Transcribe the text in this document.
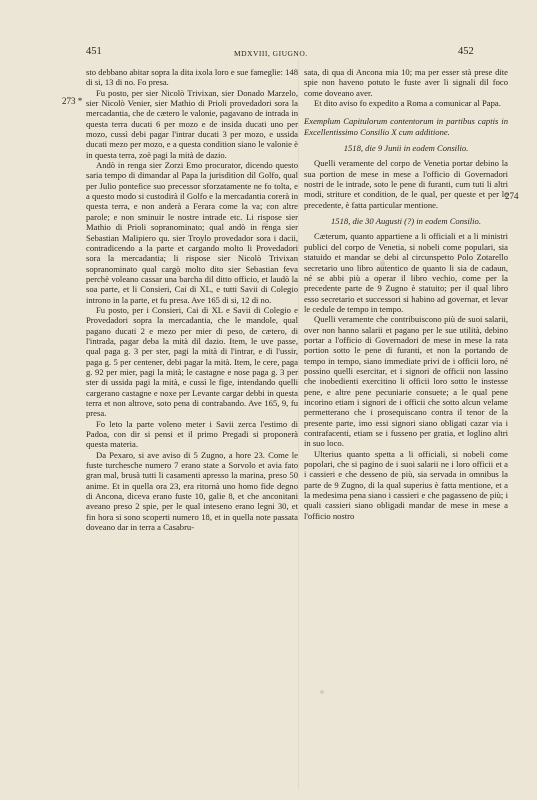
451	MDXVIII, GIUGNO.	452
273 *
274

sto debbano abitar sopra la dita ixola loro e sue fameglie: 148 di si, 13 di no. Fo presa.

Fu posto, per sier Nicolò Trivixan, sier Donado Marzelo, sier Nicolò Venier, sier Mathio di Prioli provedadori sora la mercadantia, che de cætero le valonie, pagavano de intrada in questa terra ducati 6 per mozo e de insida ducati uno per mozo, cussì debi pagar l'intrar ducati 3 per mozo, e ussida ducati mezo per mozo, e a questa condition siano le valonie è in questa terra, zoè pagi la mità de dazio.

Andò in renga sier Zorzi Emo procurator, dicendo questo saria tempo di dimandar al Papa la jurisditìon dil Golfo, qual per Julio pontefice suo precessor sforzatamente ne fo tolta, e a questo modo si custodirà il Golfo e la mercadantia corerà in questa terra, e non anderà a Ferara come la va; con altre parole; e non sminuir le nostre intrade etc. Li rispose sier Mathio di Prioli sopranominato; qual andò in renga sier Sebastian Malipiero qu. sier Troylo provedador sora i dacii, contradicendo a la parte et cargando molto li Provedadori sora la mercadantia; li rispose sier Nicolò Trivixan sopranominato qual cargò molto dito sier Sebastian feva perchè voleano cassar una barcha dil ditto officio, et laudò la soa parte, et li Consieri, Cai di XL, e tutti Savii di Colegio introno in la parte, et fu presa. Ave 165 di si, 12 di no.

Fu posto, per i Consieri, Cai di XL e Savii di Colegio e Provedadori sopra la mercadantia, che le mandole, qual pagano ducati 2 e mezo per mier di peso, de cætero, di l'intrada, pagar deba la mità dil dazio. Item, le uve passe, qual paga g. 3 per ster, pagi la mità di l'intrar, e di l'ussir, paga g. 5 per centener, debi pagar la mità. Item, le cere, paga g. 92 per mier, pagi la mità; le castagne e nose paga g. 3 per ster di ussida pagi la mità, e cussì le fige, intendando quelli cargerano castagne e noxe per Levante cargar debbi in questa terra et non altrove, soto pena di contrabando. Ave 165, 9, fu presa.

Fo leto la parte voleno meter i Savii zerca l'estimo di Padoa, con dir si pensi et il primo Pregadi si proponerà questa materia.

Da Pexaro, si ave aviso di 5 Zugno, a hore 23. Come le fuste turchesche numero 7 erano state a Sorvolo et avia fato gran mal, brusà tutti li casamenti apresso la marina, preso 50 anime. Et in quella ora 23, era ritornà uno homo fide degno di Ancona, diceva erano fuste 10, galie 8, et che anconitani aveano preso 2 spie, per le qual inteseno erano legni 30, et fin hora si sono scoperti numero 18, et in quella note passata doveano dar in terra a Casabru-

sata, di qua di Ancona mia 10; ma per esser stà prese dite spie non haveno potuto le fuste aver li signali dil foco come doveano aver.

Et dito aviso fo expedito a Roma a comunicar al Papa.

Exemplum Capitulorum contentorum in partibus captis in Excellentissimo Consilio X cum additione.

1518, die 9 Junii in eodem Consilio.

Quelli veramente del corpo de Venetia portar debino la sua portion de mese in mese a l'officio di Governadori nostri de le intrade, soto le pene di furanti, cum tuti li altri modi, striture et condition, de le qual, per queste et per le precedente, è fatta particular mentione.

1518, die 30 Augusti (?) in eodem Consilio.

Cæterum, quanto appartiene a li officiali et a li ministri publici del corpo de Venetia, si nobeli come populari, sia statuido et mandar se debi al circunspetto Polo Zotarello secretario uno libro autentico de quanto li sia de cadaun, né se abbi più a operar il libro vechio, come per la precedente parte de 9 Zugno è statuito; per il qual libro esso secretario et successori si habino ad governar, et levar le cedule de tempo in tempo.

Quelli veramente che contribuiscono più de suoi salarii, over non hanno salarii et pagano per le sue utilità, debino portar a l'officio di Governadori de mese in mese la rata portion sotto le pene di furanti, et non la portando de tempo in tempo, siano immediate privi de i officii loro, né possino quelli esercitar, et i signori de officii non lassino che inobedienti exercitino li officii loro sotto le instesse pene, e altre pene pecuniarie consuete; a le qual pene incorino etiam i signori de i officii che sotto alcun velame permetterano che i prosequiscano contra il tenor de la presente parte, imo essi signori siano obligati cazar via i contrafacenti, etiam se i fusseno per gratia, et loglino altri in suo loco.

Ulterius quanto spetta a li officiali, si nobeli come popolari, che si pagino de i suoi salarii ne i loro officii et a i cassieri e che desseno de più, sia servada in omnibus la parte de 9 Zugno, di la qual superius è fatta mentione, et a la medesima pena siano i cassieri e che pagasseno de più; i quali cassieri siano obligadi mandar de mese in mese a l'officio nostro
